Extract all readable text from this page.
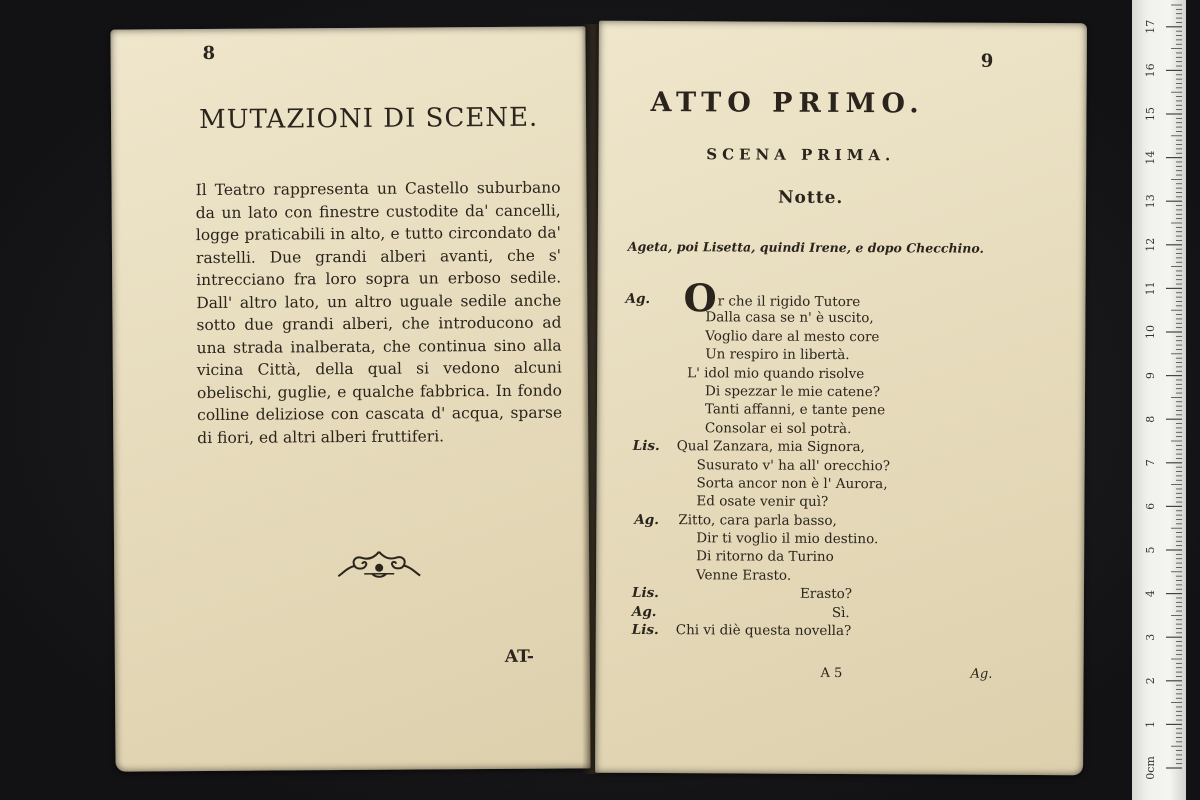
8
MUTAZIONI DI SCENE.
Il Teatro rappresenta un Castello suburbano da un lato con finestre custodite da' cancelli, logge praticabili in alto, e tutto circondato da' rastelli. Due grandi alberi avanti, che s' intrecciano fra loro sopra un erboso sedile. Dall' altro lato, un altro uguale sedile anche sotto due grandi alberi, che introducono ad una strada inalberata, che continua sino alla vicina Città, della qual si vedono alcuni obelischi, guglie, e qualche fabbrica. In fondo colline deliziose con cascata d' acqua, sparse di fiori, ed altri alberi fruttiferi.
AT-
9
ATTO PRIMO.
SCENA PRIMA.
Notte.
Ageta, poi Lisetta, quindi Irene, e dopo Checchino.
Ag. Or che il rigido Tutore
Dalla casa se n' è uscito,
Voglio dare al mesto core
Un respiro in libertà.
L' idol mio quando risolve
Di spezzar le mie catene?
Tanti affanni, e tante pene
Consolar ei sol potrà.
Lis. Qual Zanzara, mia Signora,
Susurato v' ha all' orecchio?
Sorta ancor non è l' Aurora,
Ed osate venir quì?
Ag. Zitto, cara parla basso,
Dir ti voglio il mio destino.
Di ritorno da Turino
Venne Erasto.
Lis.	Erasto?
Ag.	Sì.
Lis. Chi vi diè questa novella?
A 5	Ag.
0cm
1
2
3
4
5
6
7
8
9
10
11
12
13
14
15
16
17
